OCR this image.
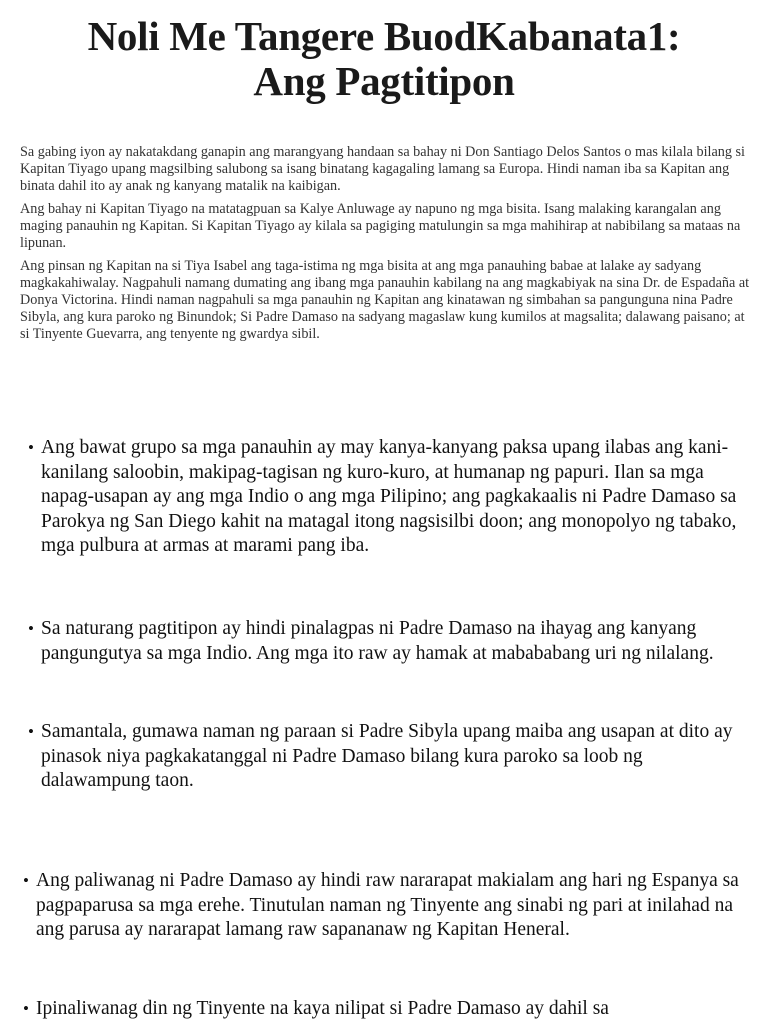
Noli Me Tangere BuodKabanata1:
Ang Pagtitipon

Sa gabing iyon ay nakatakdang ganapin ang marangyang handaan sa bahay ni Don Santiago Delos Santos o mas kilala bilang si Kapitan Tiyago upang magsilbing salubong sa isang binatang kagagaling lamang sa Europa. Hindi naman iba sa Kapitan ang binata dahil ito ay anak ng kanyang matalik na kaibigan.

Ang bahay ni Kapitan Tiyago na matatagpuan sa Kalye Anluwage ay napuno ng mga bisita. Isang malaking karangalan ang maging panauhin ng Kapitan. Si Kapitan Tiyago ay kilala sa pagiging matulungin sa mga mahihirap at nabibilang sa mataas na lipunan.

Ang pinsan ng Kapitan na si Tiya Isabel ang taga-istima ng mga bisita at ang mga panauhing babae at lalake ay sadyang magkakahiwalay. Nagpahuli namang dumating ang ibang mga panauhin kabilang na ang magkabiyak na sina Dr. de Espadaña at Donya Victorina. Hindi naman nagpahuli sa mga panauhin ng Kapitan ang kinatawan ng simbahan sa pangunguna nina Padre Sibyla, ang kura paroko ng Binundok; Si Padre Damaso na sadyang magaslaw kung kumilos at magsalita; dalawang paisano; at si Tinyente Guevarra, ang tenyente ng gwardya sibil.

• Ang bawat grupo sa mga panauhin ay may kanya-kanyang paksa upang ilabas ang kani-kanilang saloobin, makipag-tagisan ng kuro-kuro, at humanap ng papuri. Ilan sa mga napag-usapan ay ang mga Indio o ang mga Pilipino; ang pagkakaalis ni Padre Damaso sa Parokya ng San Diego kahit na matagal itong nagsisilbi doon; ang monopolyo ng tabako, mga pulbura at armas at marami pang iba.
• Sa naturang pagtitipon ay hindi pinalagpas ni Padre Damaso na ihayag ang kanyang pangungutya sa mga Indio. Ang mga ito raw ay hamak at mabababang uri ng nilalang.
• Samantala, gumawa naman ng paraan si Padre Sibyla upang maiba ang usapan at dito ay pinasok niya pagkakatanggal ni Padre Damaso bilang kura paroko sa loob ng dalawampung taon.
• Ang paliwanag ni Padre Damaso ay hindi raw nararapat makialam ang hari ng Espanya sa pagpaparusa sa mga erehe. Tinutulan naman ng Tinyente ang sinabi ng pari at inilahad na ang parusa ay nararapat lamang raw sapananaw ng Kapitan Heneral.
• Ipinaliwanag din ng Tinyente na kaya nilipat si Padre Damaso ay dahil sa
